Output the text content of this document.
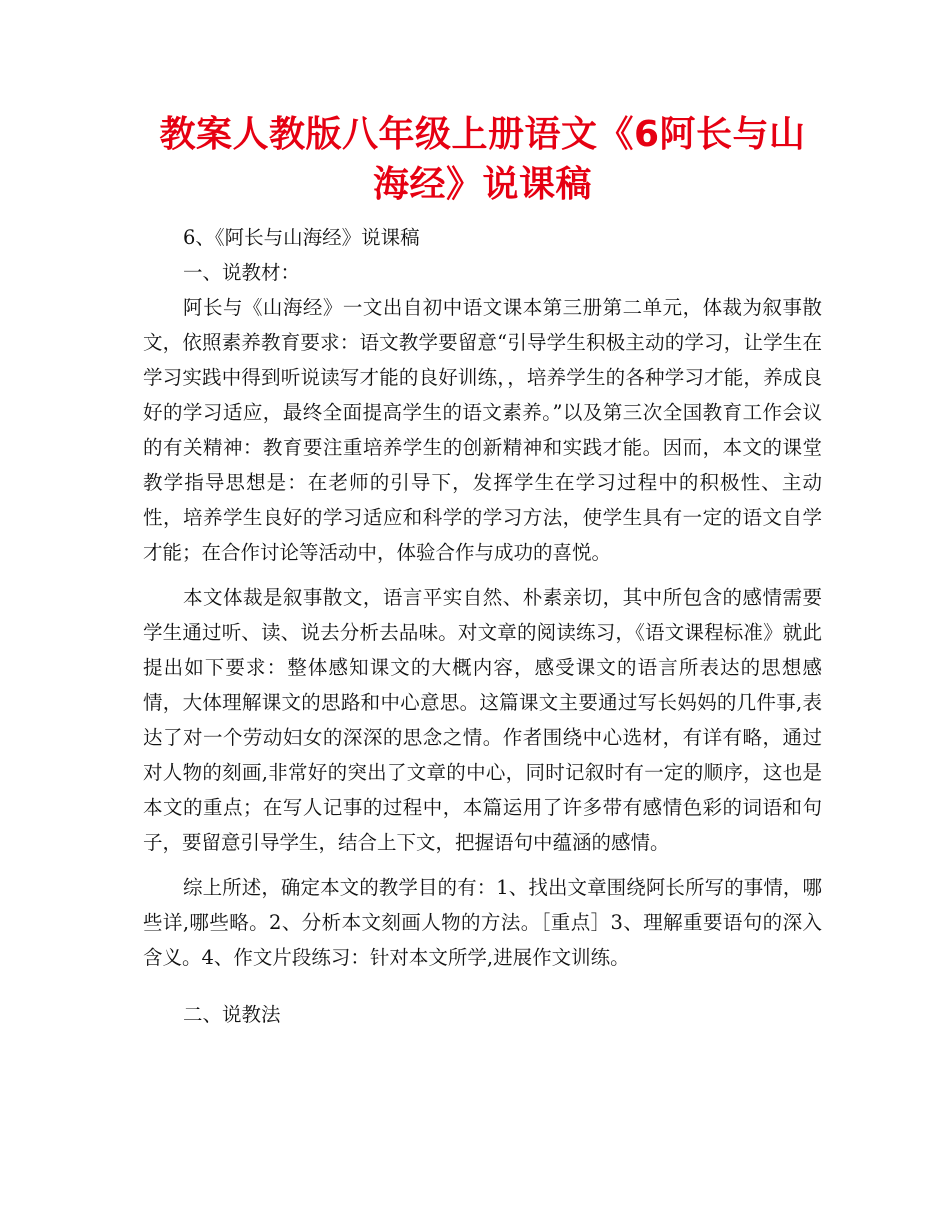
教案人教版八年级上册语文《6阿长与山海经》说课稿

6、《阿长与山海经》说课稿

一、说教材：

阿长与《山海经》一文出自初中语文课本第三册第二单元，体裁为叙事散文，依照素养教育要求：语文教学要留意“引导学生积极主动的学习，让学生在学习实践中得到听说读写才能的良好训练，，培养学生的各种学习才能，养成良好的学习适应，最终全面提高学生的语文素养。”以及第三次全国教育工作会议的有关精神：教育要注重培养学生的创新精神和实践才能。因而，本文的课堂教学指导思想是：在老师的引导下，发挥学生在学习过程中的积极性、主动性，培养学生良好的学习适应和科学的学习方法，使学生具有一定的语文自学才能；在合作讨论等活动中，体验合作与成功的喜悦。

本文体裁是叙事散文，语言平实自然、朴素亲切，其中所包含的感情需要学生通过听、读、说去分析去品味。对文章的阅读练习，《语文课程标准》就此提出如下要求：整体感知课文的大概内容，感受课文的语言所表达的思想感情，大体理解课文的思路和中心意思。这篇课文主要通过写长妈妈的几件事,表达了对一个劳动妇女的深深的思念之情。作者围绕中心选材，有详有略，通过对人物的刻画,非常好的突出了文章的中心，同时记叙时有一定的顺序，这也是本文的重点；在写人记事的过程中，本篇运用了许多带有感情色彩的词语和句子，要留意引导学生，结合上下文，把握语句中蕴涵的感情。

综上所述，确定本文的教学目的有：1、找出文章围绕阿长所写的事情，哪些详,哪些略。2、分析本文刻画人物的方法。［重点］3、理解重要语句的深入含义。4、作文片段练习：针对本文所学,进展作文训练。

二、说教法
